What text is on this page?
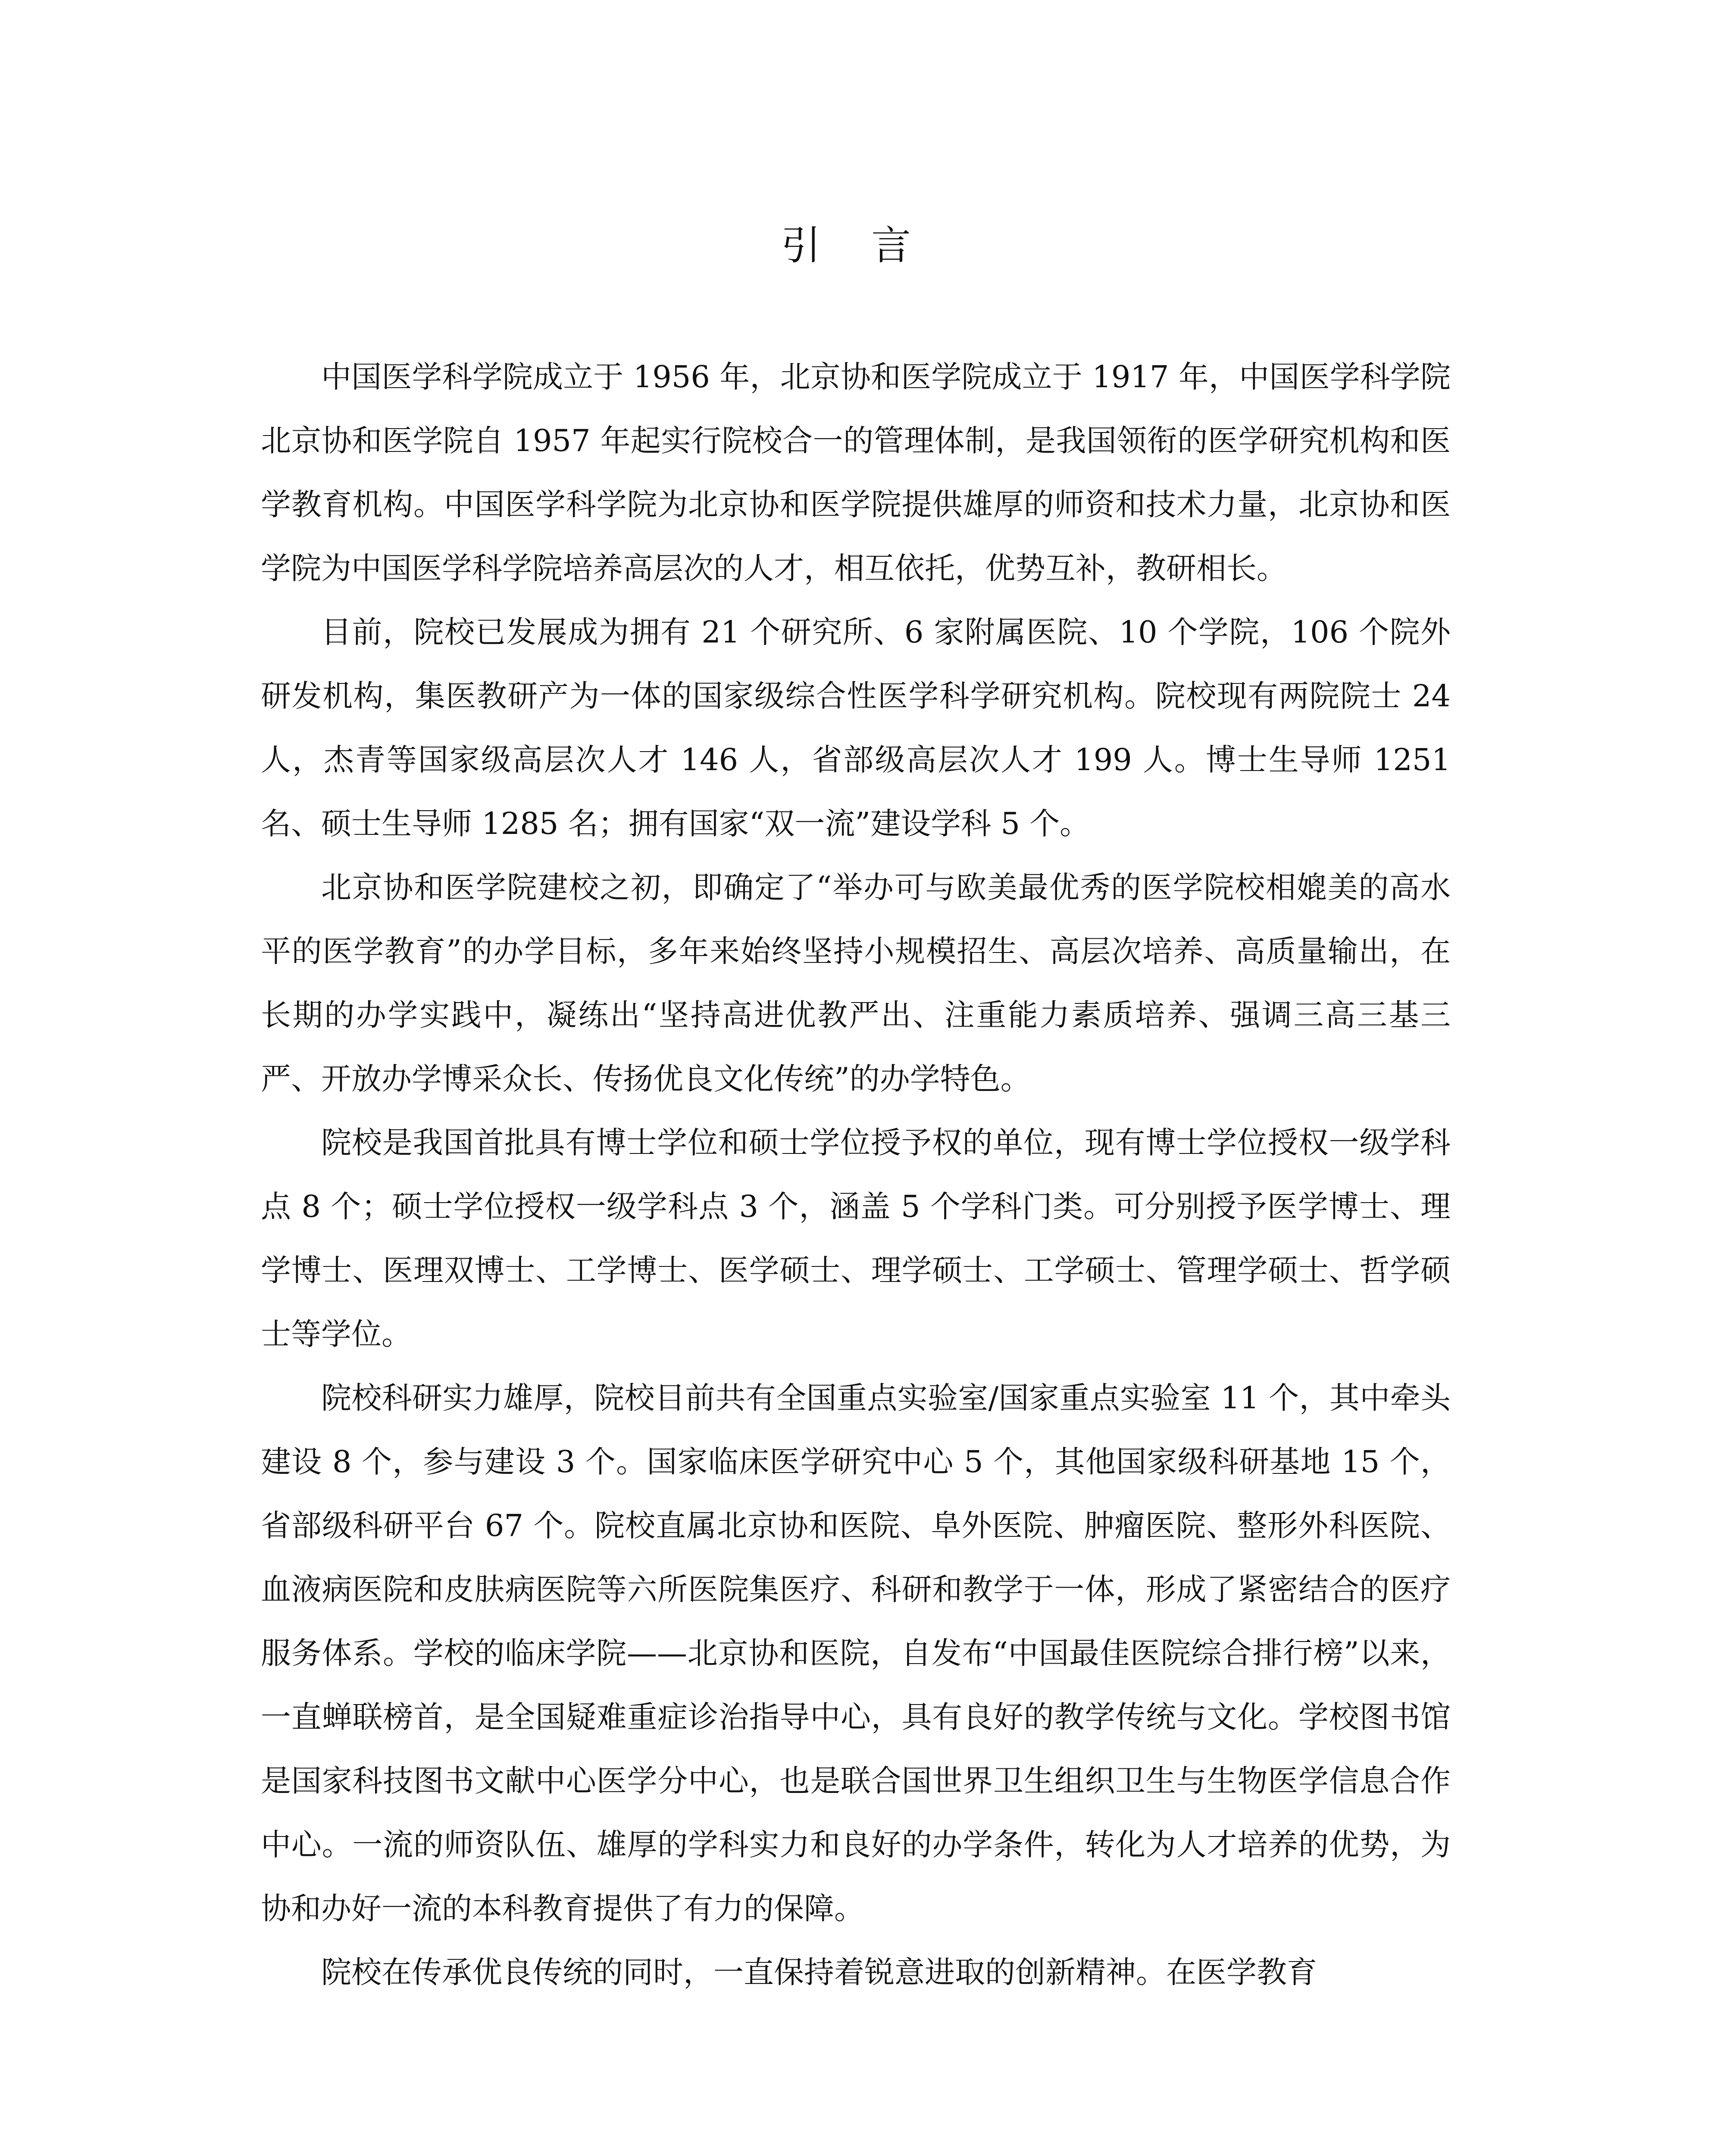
引 言

中国医学科学院成立于 1956 年，北京协和医学院成立于 1917 年，中国医学科学院北京协和医学院自 1957 年起实行院校合一的管理体制，是我国领衔的医学研究机构和医学教育机构。中国医学科学院为北京协和医学院提供雄厚的师资和技术力量，北京协和医学院为中国医学科学院培养高层次的人才，相互依托，优势互补，教研相长。

目前，院校已发展成为拥有 21 个研究所、6 家附属医院、10 个学院，106 个院外研发机构，集医教研产为一体的国家级综合性医学科学研究机构。院校现有两院院士 24 人，杰青等国家级高层次人才 146 人，省部级高层次人才 199 人。博士生导师 1251 名、硕士生导师 1285 名；拥有国家“双一流”建设学科 5 个。

北京协和医学院建校之初，即确定了“举办可与欧美最优秀的医学院校相媲美的高水平的医学教育”的办学目标，多年来始终坚持小规模招生、高层次培养、高质量输出，在长期的办学实践中，凝练出“坚持高进优教严出、注重能力素质培养、强调三高三基三严、开放办学博采众长、传扬优良文化传统”的办学特色。

院校是我国首批具有博士学位和硕士学位授予权的单位，现有博士学位授权一级学科点 8 个；硕士学位授权一级学科点 3 个，涵盖 5 个学科门类。可分别授予医学博士、理学博士、医理双博士、工学博士、医学硕士、理学硕士、工学硕士、管理学硕士、哲学硕士等学位。

院校科研实力雄厚，院校目前共有全国重点实验室/国家重点实验室 11 个，其中牵头建设 8 个，参与建设 3 个。国家临床医学研究中心 5 个，其他国家级科研基地 15 个，省部级科研平台 67 个。院校直属北京协和医院、阜外医院、肿瘤医院、整形外科医院、血液病医院和皮肤病医院等六所医院集医疗、科研和教学于一体，形成了紧密结合的医疗服务体系。学校的临床学院——北京协和医院，自发布“中国最佳医院综合排行榜”以来，一直蝉联榜首，是全国疑难重症诊治指导中心，具有良好的教学传统与文化。学校图书馆是国家科技图书文献中心医学分中心，也是联合国世界卫生组织卫生与生物医学信息合作中心。一流的师资队伍、雄厚的学科实力和良好的办学条件，转化为人才培养的优势，为协和办好一流的本科教育提供了有力的保障。

院校在传承优良传统的同时，一直保持着锐意进取的创新精神。在医学教育
